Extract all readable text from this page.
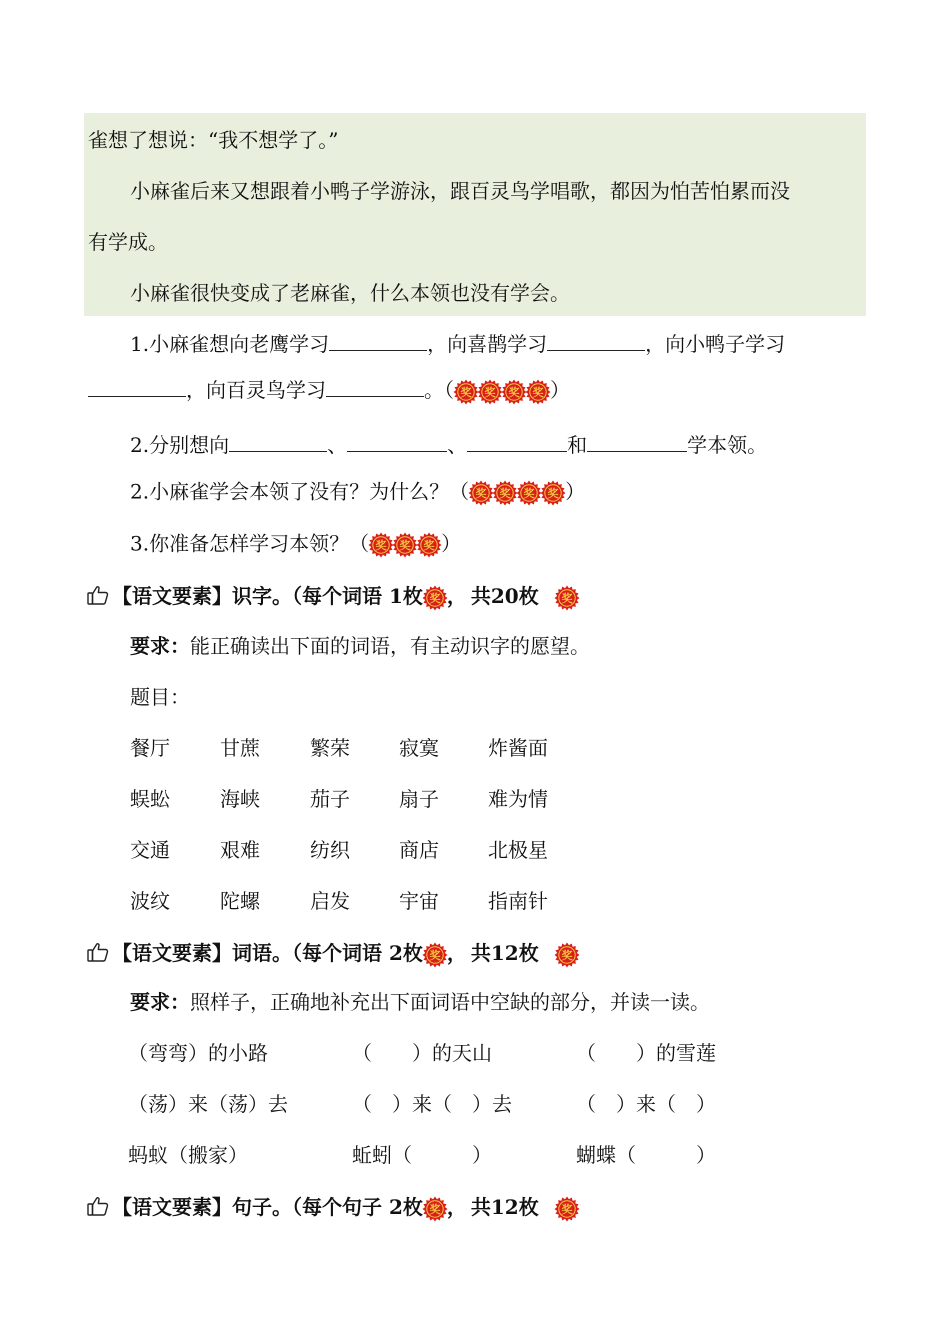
雀想了想说：“我不想学了。”
小麻雀后来又想跟着小鸭子学游泳，跟百灵鸟学唱歌，都因为怕苦怕累而没
有学成。
小麻雀很快变成了老麻雀，什么本领也没有学会。
1.小麻雀想向老鹰学习	，向喜鹊学习	，向小鸭子学习
，向百灵鸟学习	。（ 奖 奖 奖 奖 ）
2.分别想向	、	、	和	学本领。
2.小麻雀学会本领了没有？为什么？（ 奖 奖 奖 奖 ）
3.你准备怎样学习本领？（ 奖 奖 奖 ）
【语文要素】识字。（每个词语 1枚 奖 ， 共20枚 奖
要求：能正确读出下面的词语，有主动识字的愿望。
题目：
餐厅	甘蔗	繁荣 寂寞 炸酱面
蜈蚣	海峡	茄子 扇子 难为情
交通	艰难	纺织 商店 北极星
波纹	陀螺	启发 宇宙 指南针
【语文要素】词语。（每个词语 2枚 奖 ， 共12枚 奖
要求：照样子，正确地补充出下面词语中空缺的部分，并读一读。
（弯弯）的小路	（　　）的天山	（　　）的雪莲
（荡）来（荡）去	（　）来（　）去	（　）来（　）
蚂蚁（搬家）	蚯蚓（　　　）	蝴蝶（　　　）
【语文要素】句子。（每个句子 2枚 奖 ， 共12枚 奖
